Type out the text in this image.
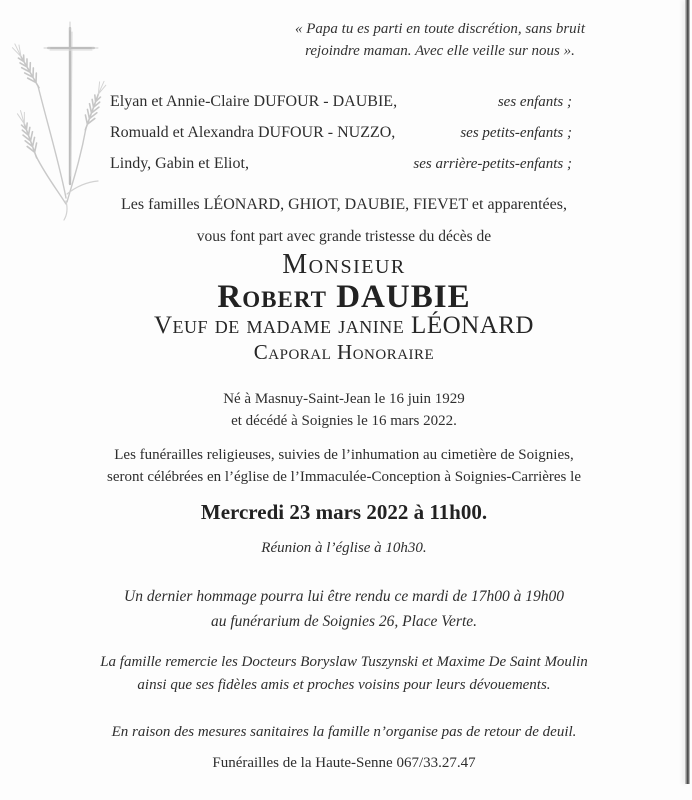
« Papa tu es parti en toute discrétion, sans bruit
rejoindre maman. Avec elle veille sur nous ».
Elyan et Annie-Claire DUFOUR - DAUBIE,	ses enfants ;
Romuald et Alexandra DUFOUR - NUZZO,	ses petits-enfants ;
Lindy, Gabin et Eliot,	ses arrière-petits-enfants ;
Les familles LÉONARD, GHIOT, DAUBIE, FIEVET et apparentées,
vous font part avec grande tristesse du décès de
Monsieur
Robert DAUBIE
Veuf de madame janine LÉONARD
Caporal Honoraire
Né à Masnuy-Saint-Jean le 16 juin 1929
et décédé à Soignies le 16 mars 2022.
Les funérailles religieuses, suivies de l’inhumation au cimetière de Soignies,
seront célébrées en l’église de l’Immaculée-Conception à Soignies-Carrières le
Mercredi 23 mars 2022 à 11h00.
Réunion à l’église à 10h30.
Un dernier hommage pourra lui être rendu ce mardi de 17h00 à 19h00
au funérarium de Soignies 26, Place Verte.
La famille remercie les Docteurs Boryslaw Tuszynski et Maxime De Saint Moulin
ainsi que ses fidèles amis et proches voisins pour leurs dévouements.
En raison des mesures sanitaires la famille n’organise pas de retour de deuil.
Funérailles de la Haute-Senne 067/33.27.47
